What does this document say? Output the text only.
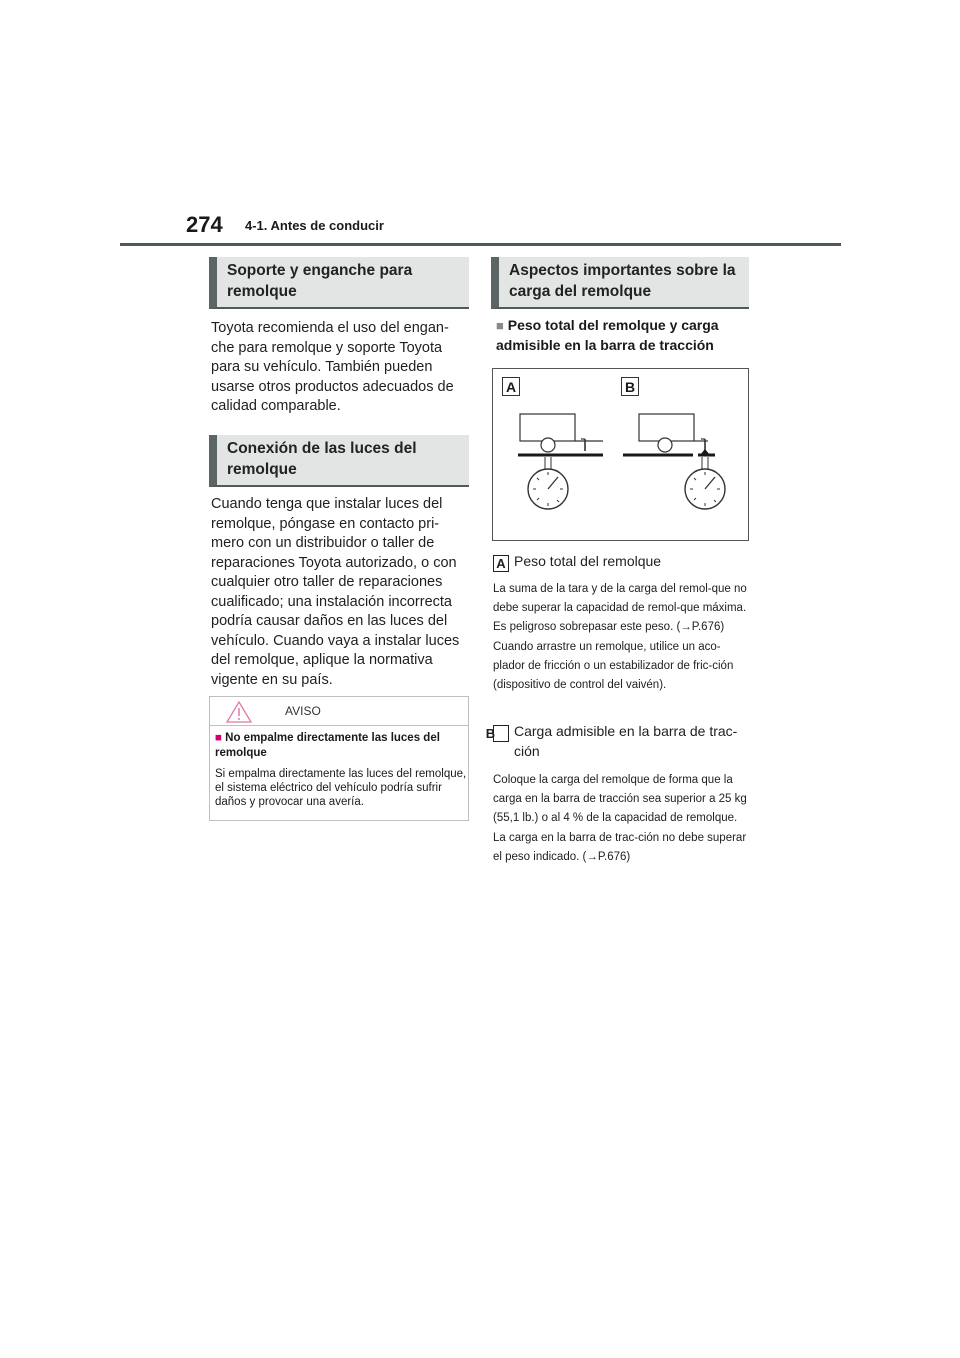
274 4-1. Antes de conducir
Soporte y enganche para remolque
Toyota recomienda el uso del engan-che para remolque y soporte Toyota para su vehículo. También pueden usarse otros productos adecuados de calidad comparable.
Conexión de las luces del remolque
Cuando tenga que instalar luces del remolque, póngase en contacto pri-mero con un distribuidor o taller de reparaciones Toyota autorizado, o con cualquier otro taller de reparaciones cualificado; una instalación incorrecta podría causar daños en las luces del vehículo. Cuando vaya a instalar luces del remolque, aplique la normativa vigente en su país.
AVISO
■ No empalme directamente las luces del remolque
Si empalma directamente las luces del remolque, el sistema eléctrico del vehículo podría sufrir daños y provocar una avería.
Aspectos importantes sobre la carga del remolque
■ Peso total del remolque y carga admisible en la barra de tracción
A	B
A Peso total del remolque
La suma de la tara y de la carga del remol-que no debe superar la capacidad de remol-que máxima. Es peligroso sobrepasar este peso. (→P.676) Cuando arrastre un remolque, utilice un aco-plador de fricción o un estabilizador de fric-ción (dispositivo de control del vaivén).
B Carga admisible en la barra de trac-ción
Coloque la carga del remolque de forma que la carga en la barra de tracción sea superior a 25 kg (55,1 lb.) o al 4 % de la capacidad de remolque. La carga en la barra de trac-ción no debe superar el peso indicado. (→P.676)
